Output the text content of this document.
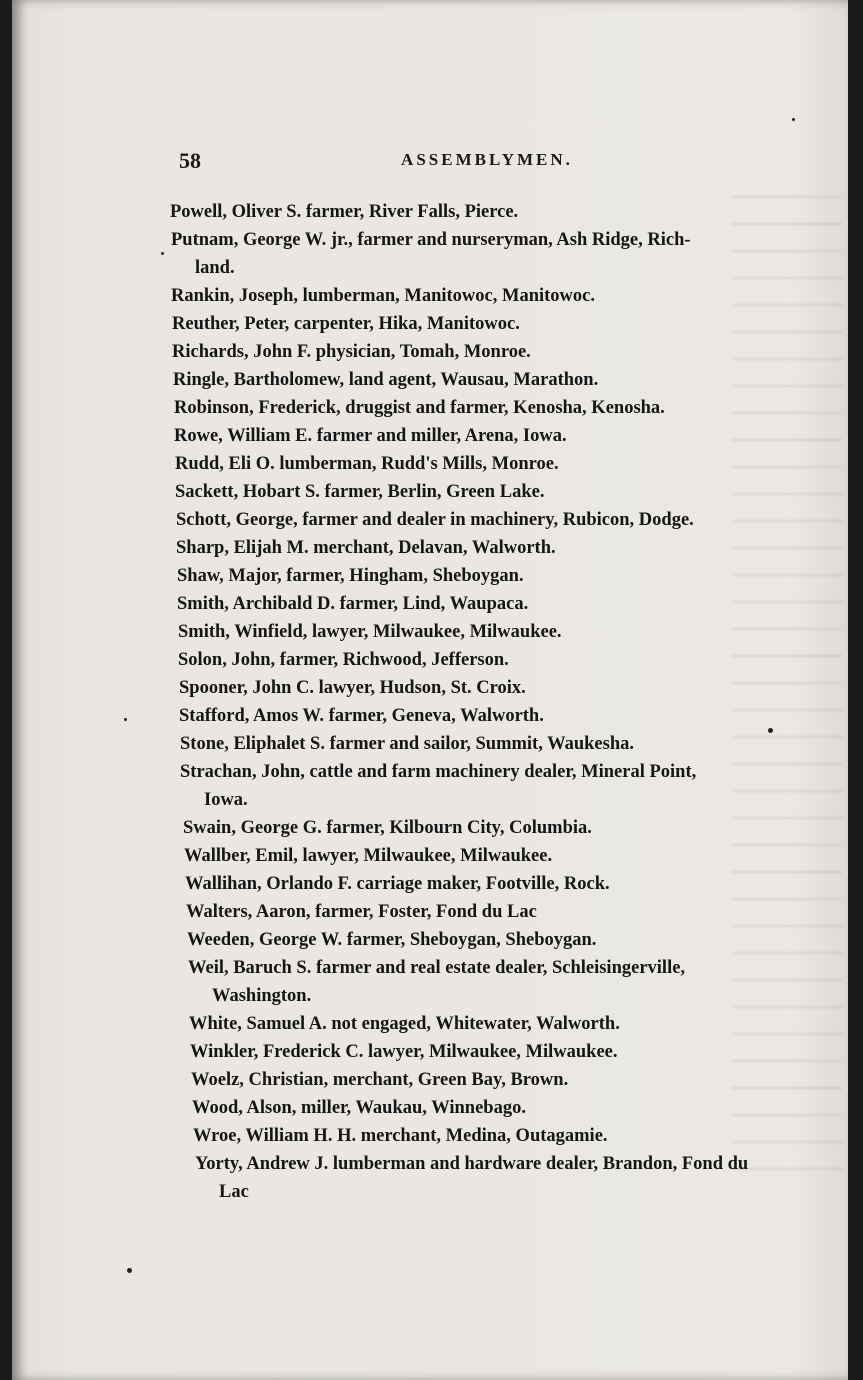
58	ASSEMBLYMEN.
Powell, Oliver S. farmer, River Falls, Pierce.
Putnam, George W. jr., farmer and nurseryman, Ash Ridge, Rich-
land.
Rankin, Joseph, lumberman, Manitowoc, Manitowoc.
Reuther, Peter, carpenter, Hika, Manitowoc.
Richards, John F. physician, Tomah, Monroe.
Ringle, Bartholomew, land agent, Wausau, Marathon.
Robinson, Frederick, druggist and farmer, Kenosha, Kenosha.
Rowe, William E. farmer and miller, Arena, Iowa.
Rudd, Eli O. lumberman, Rudd's Mills, Monroe.
Sackett, Hobart S. farmer, Berlin, Green Lake.
Schott, George, farmer and dealer in machinery, Rubicon, Dodge.
Sharp, Elijah M. merchant, Delavan, Walworth.
Shaw, Major, farmer, Hingham, Sheboygan.
Smith, Archibald D. farmer, Lind, Waupaca.
Smith, Winfield, lawyer, Milwaukee, Milwaukee.
Solon, John, farmer, Richwood, Jefferson.
Spooner, John C. lawyer, Hudson, St. Croix.
Stafford, Amos W. farmer, Geneva, Walworth.
Stone, Eliphalet S. farmer and sailor, Summit, Waukesha.
Strachan, John, cattle and farm machinery dealer, Mineral Point,
Iowa.
Swain, George G. farmer, Kilbourn City, Columbia.
Wallber, Emil, lawyer, Milwaukee, Milwaukee.
Wallihan, Orlando F. carriage maker, Footville, Rock.
Walters, Aaron, farmer, Foster, Fond du Lac
Weeden, George W. farmer, Sheboygan, Sheboygan.
Weil, Baruch S. farmer and real estate dealer, Schleisingerville,
Washington.
White, Samuel A. not engaged, Whitewater, Walworth.
Winkler, Frederick C. lawyer, Milwaukee, Milwaukee.
Woelz, Christian, merchant, Green Bay, Brown.
Wood, Alson, miller, Waukau, Winnebago.
Wroe, William H. H. merchant, Medina, Outagamie.
Yorty, Andrew J. lumberman and hardware dealer, Brandon, Fond du
Lac
